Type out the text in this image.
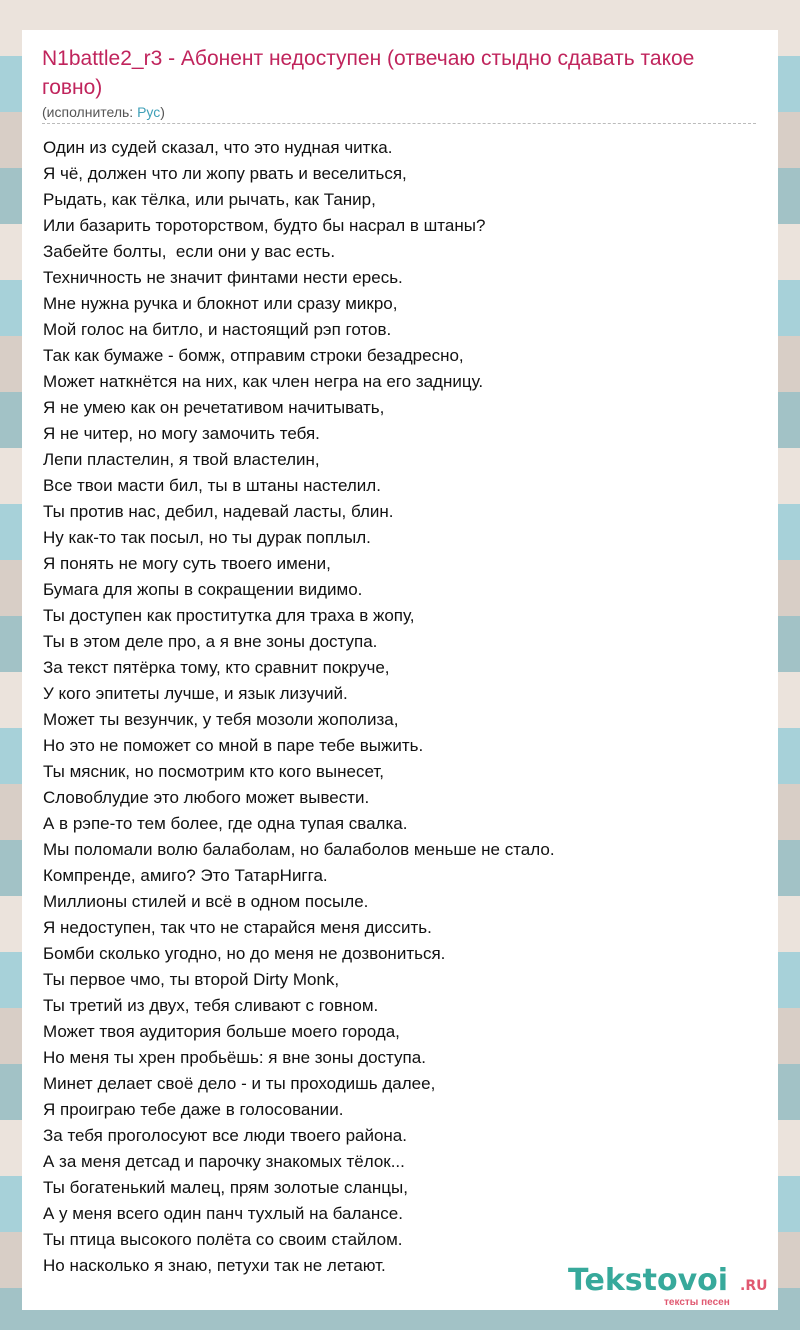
N1battle2_r3 - Абонент недоступен (отвечаю стыдно сдавать такое говно)
(исполнитель: Рус)
Один из судей сказал, что это нудная читка.
Я чё, должен что ли жопу рвать и веселиться,
Рыдать, как тёлка, или рычать, как Танир,
Или базарить тороторством, будто бы насрал в штаны?
Забейте болты,  если они у вас есть.
Техничность не значит финтами нести ересь.
Мне нужна ручка и блокнот или сразу микро,
Мой голос на битло, и настоящий рэп готов.
Так как бумаже - бомж, отправим строки безадресно,
Может наткнётся на них, как член негра на его задницу.
Я не умею как он речетативом начитывать,
Я не читер, но могу замочить тебя.
Лепи пластелин, я твой властелин,
Все твои масти бил, ты в штаны настелил.
Ты против нас, дебил, надевай ласты, блин.
Ну как-то так посыл, но ты дурак поплыл.
Я понять не могу суть твоего имени,
Бумага для жопы в сокращении видимо.
Ты доступен как проститутка для траха в жопу,
Ты в этом деле про, а я вне зоны доступа.
За текст пятёрка тому, кто сравнит покруче,
У кого эпитеты лучше, и язык лизучий.
Может ты везунчик, у тебя мозоли жополиза,
Но это не поможет со мной в паре тебе выжить.
Ты мясник, но посмотрим кто кого вынесет,
Словоблудие это любого может вывести.
А в рэпе-то тем более, где одна тупая свалка.
Мы поломали волю балаболам, но балаболов меньше не стало.
Компренде, амиго? Это ТатарНигга.
Миллионы стилей и всё в одном посыле.
Я недоступен, так что не старайся меня диссить.
Бомби сколько угодно, но до меня не дозвониться.
Ты первое чмо, ты второй Dirty Monk,
Ты третий из двух, тебя сливают с говном.
Может твоя аудитория больше моего города,
Но меня ты хрен пробьёшь: я вне зоны доступа.
Минет делает своё дело - и ты проходишь далее,
Я проиграю тебе даже в голосовании.
За тебя проголосуют все люди твоего района.
А за меня детсад и парочку знакомых тёлок...
Ты богатенький малец, прям золотые сланцы,
А у меня всего один панч тухлый на балансе.
Ты птица высокого полёта со своим стайлом.
Но насколько я знаю, петухи так не летают.	Tekstovoi .RU
тексты песен
